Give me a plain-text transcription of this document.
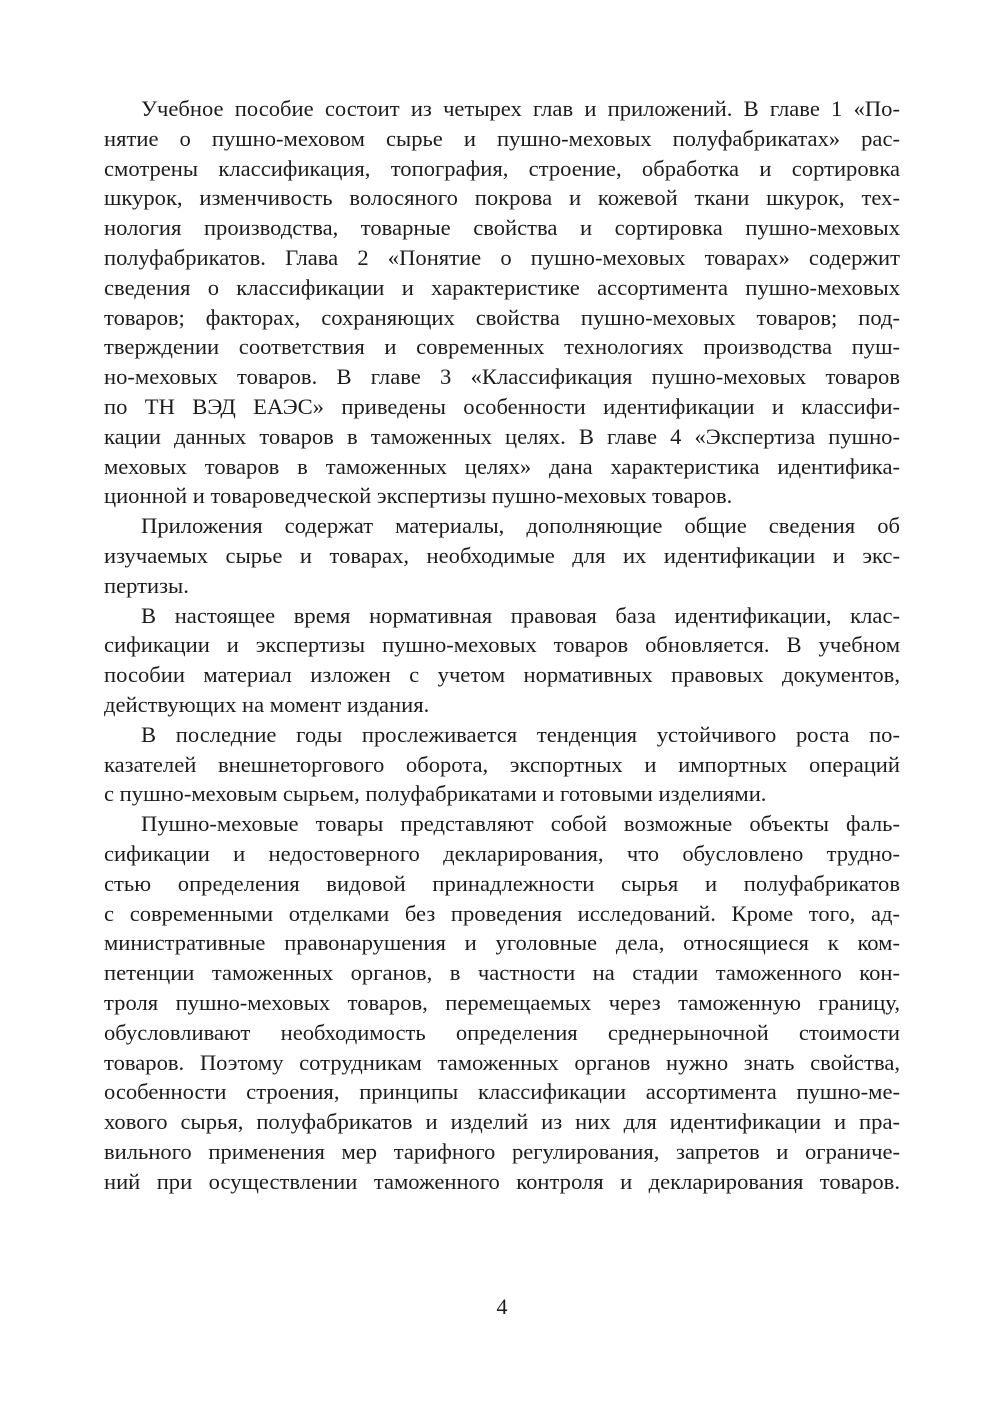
Учебное пособие состоит из четырех глав и приложений. В главе 1 «По-
нятие о пушно-меховом сырье и пушно-меховых полуфабрикатах» рас-
смотрены классификация, топография, строение, обработка и сортировка
шкурок, изменчивость волосяного покрова и кожевой ткани шкурок, тех-
нология производства, товарные свойства и сортировка пушно-меховых
полуфабрикатов. Глава 2 «Понятие о пушно-меховых товарах» содержит
сведения о классификации и характеристике ассортимента пушно-меховых
товаров; факторах, сохраняющих свойства пушно-меховых товаров; под-
тверждении соответствия и современных технологиях производства пуш-
но-меховых товаров. В главе 3 «Классификация пушно-меховых товаров
по ТН ВЭД ЕАЭС» приведены особенности идентификации и классифи-
кации данных товаров в таможенных целях. В главе 4 «Экспертиза пушно-
меховых товаров в таможенных целях» дана характеристика идентифика-
ционной и товароведческой экспертизы пушно-меховых товаров.
Приложения содержат материалы, дополняющие общие сведения об
изучаемых сырье и товарах, необходимые для их идентификации и экс-
пертизы.
В настоящее время нормативная правовая база идентификации, клас-
сификации и экспертизы пушно-меховых товаров обновляется. В учебном
пособии материал изложен с учетом нормативных правовых документов,
действующих на момент издания.
В последние годы прослеживается тенденция устойчивого роста по-
казателей внешнеторгового оборота, экспортных и импортных операций
с пушно-меховым сырьем, полуфабрикатами и готовыми изделиями.
Пушно-меховые товары представляют собой возможные объекты фаль-
сификации и недостоверного декларирования, что обусловлено трудно-
стью определения видовой принадлежности сырья и полуфабрикатов
с современными отделками без проведения исследований. Кроме того, ад-
министративные правонарушения и уголовные дела, относящиеся к ком-
петенции таможенных органов, в частности на стадии таможенного кон-
троля пушно-меховых товаров, перемещаемых через таможенную границу,
обусловливают необходимость определения среднерыночной стоимости
товаров. Поэтому сотрудникам таможенных органов нужно знать свойства,
особенности строения, принципы классификации ассортимента пушно-ме-
хового сырья, полуфабрикатов и изделий из них для идентификации и пра-
вильного применения мер тарифного регулирования, запретов и ограниче-
ний при осуществлении таможенного контроля и декларирования товаров.
4
